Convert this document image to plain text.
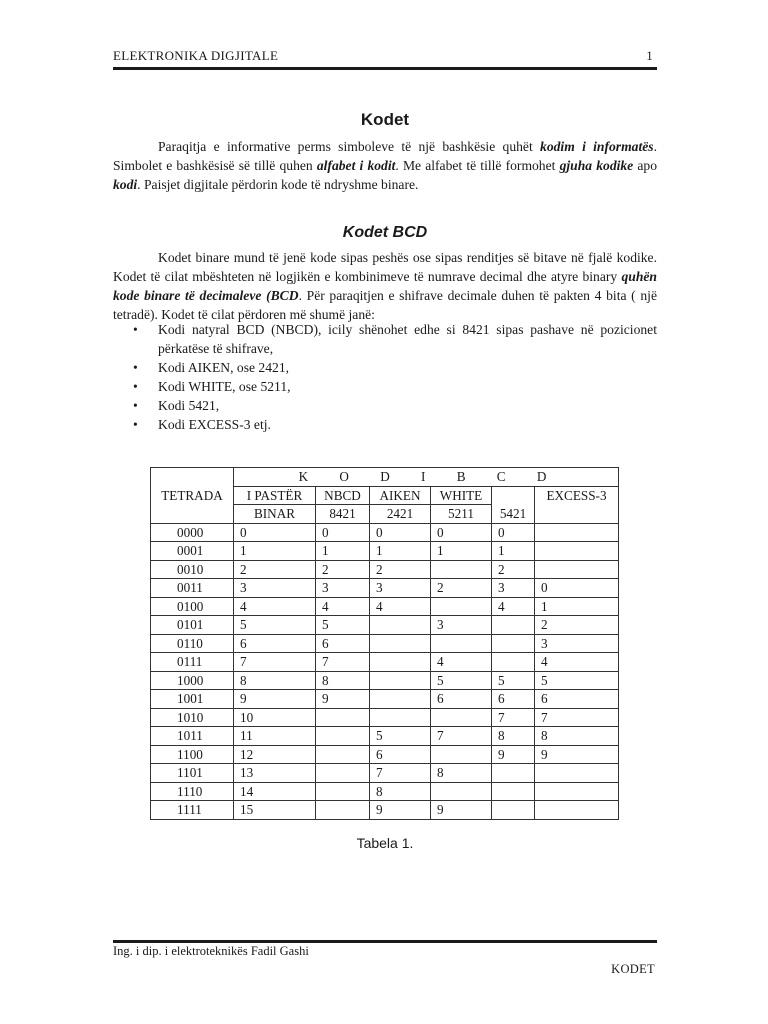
ELEKTRONIKA DIGJITALE	1
Kodet

Paraqitja e informative perms simboleve të një bashkësie quhët kodim i informatës. Simbolet e bashkësisë së tillë quhen alfabet i kodit. Me alfabet të tillë formohet gjuha kodike apo kodi. Paisjet digjitale përdorin kode të ndryshme binare.

Kodet BCD

Kodet binare mund të jenë kode sipas peshës ose sipas renditjes së bitave në fjalë kodike. Kodet të cilat mbështeten në logjikën e kombinimeve të numrave decimal dhe atyre binary quhën kode binare të decimaleve (BCD. Për paraqitjen e shifrave decimale duhen të pakten 4 bita ( një tetradë). Kodet të cilat përdoren më shumë janë:

• Kodi natyral BCD (NBCD), icily shënohet edhe si 8421 sipas pashave në pozicionet përkatëse të shifrave,
• Kodi AIKEN, ose 2421,
• Kodi WHITE, ose 5211,
• Kodi 5421,
• Kodi EXCESS-3 etj.
TETRADA	K O D I B C D					
	I PASTËR	NBCD	AIKEN	WHITE	5421	EXCESS-3
	BINAR	8421	2421	5211		
0000	0	0	0	0	0	
0001	1	1	1	1	1	
0010	2	2	2		2	
0011	3	3	3	2	3	0
0100	4	4	4		4	1
0101	5	5		3		2
0110	6	6				3
0111	7	7		4		4
1000	8	8		5	5	5
1001	9	9		6	6	6
1010	10				7	7
1011	11		5	7	8	8
1100	12		6		9	9
1101	13		7	8		
1110	14		8			
1111	15		9	9		
Tabela 1.
Ing. i dip. i elektroteknikës Fadil Gashi
KODET
